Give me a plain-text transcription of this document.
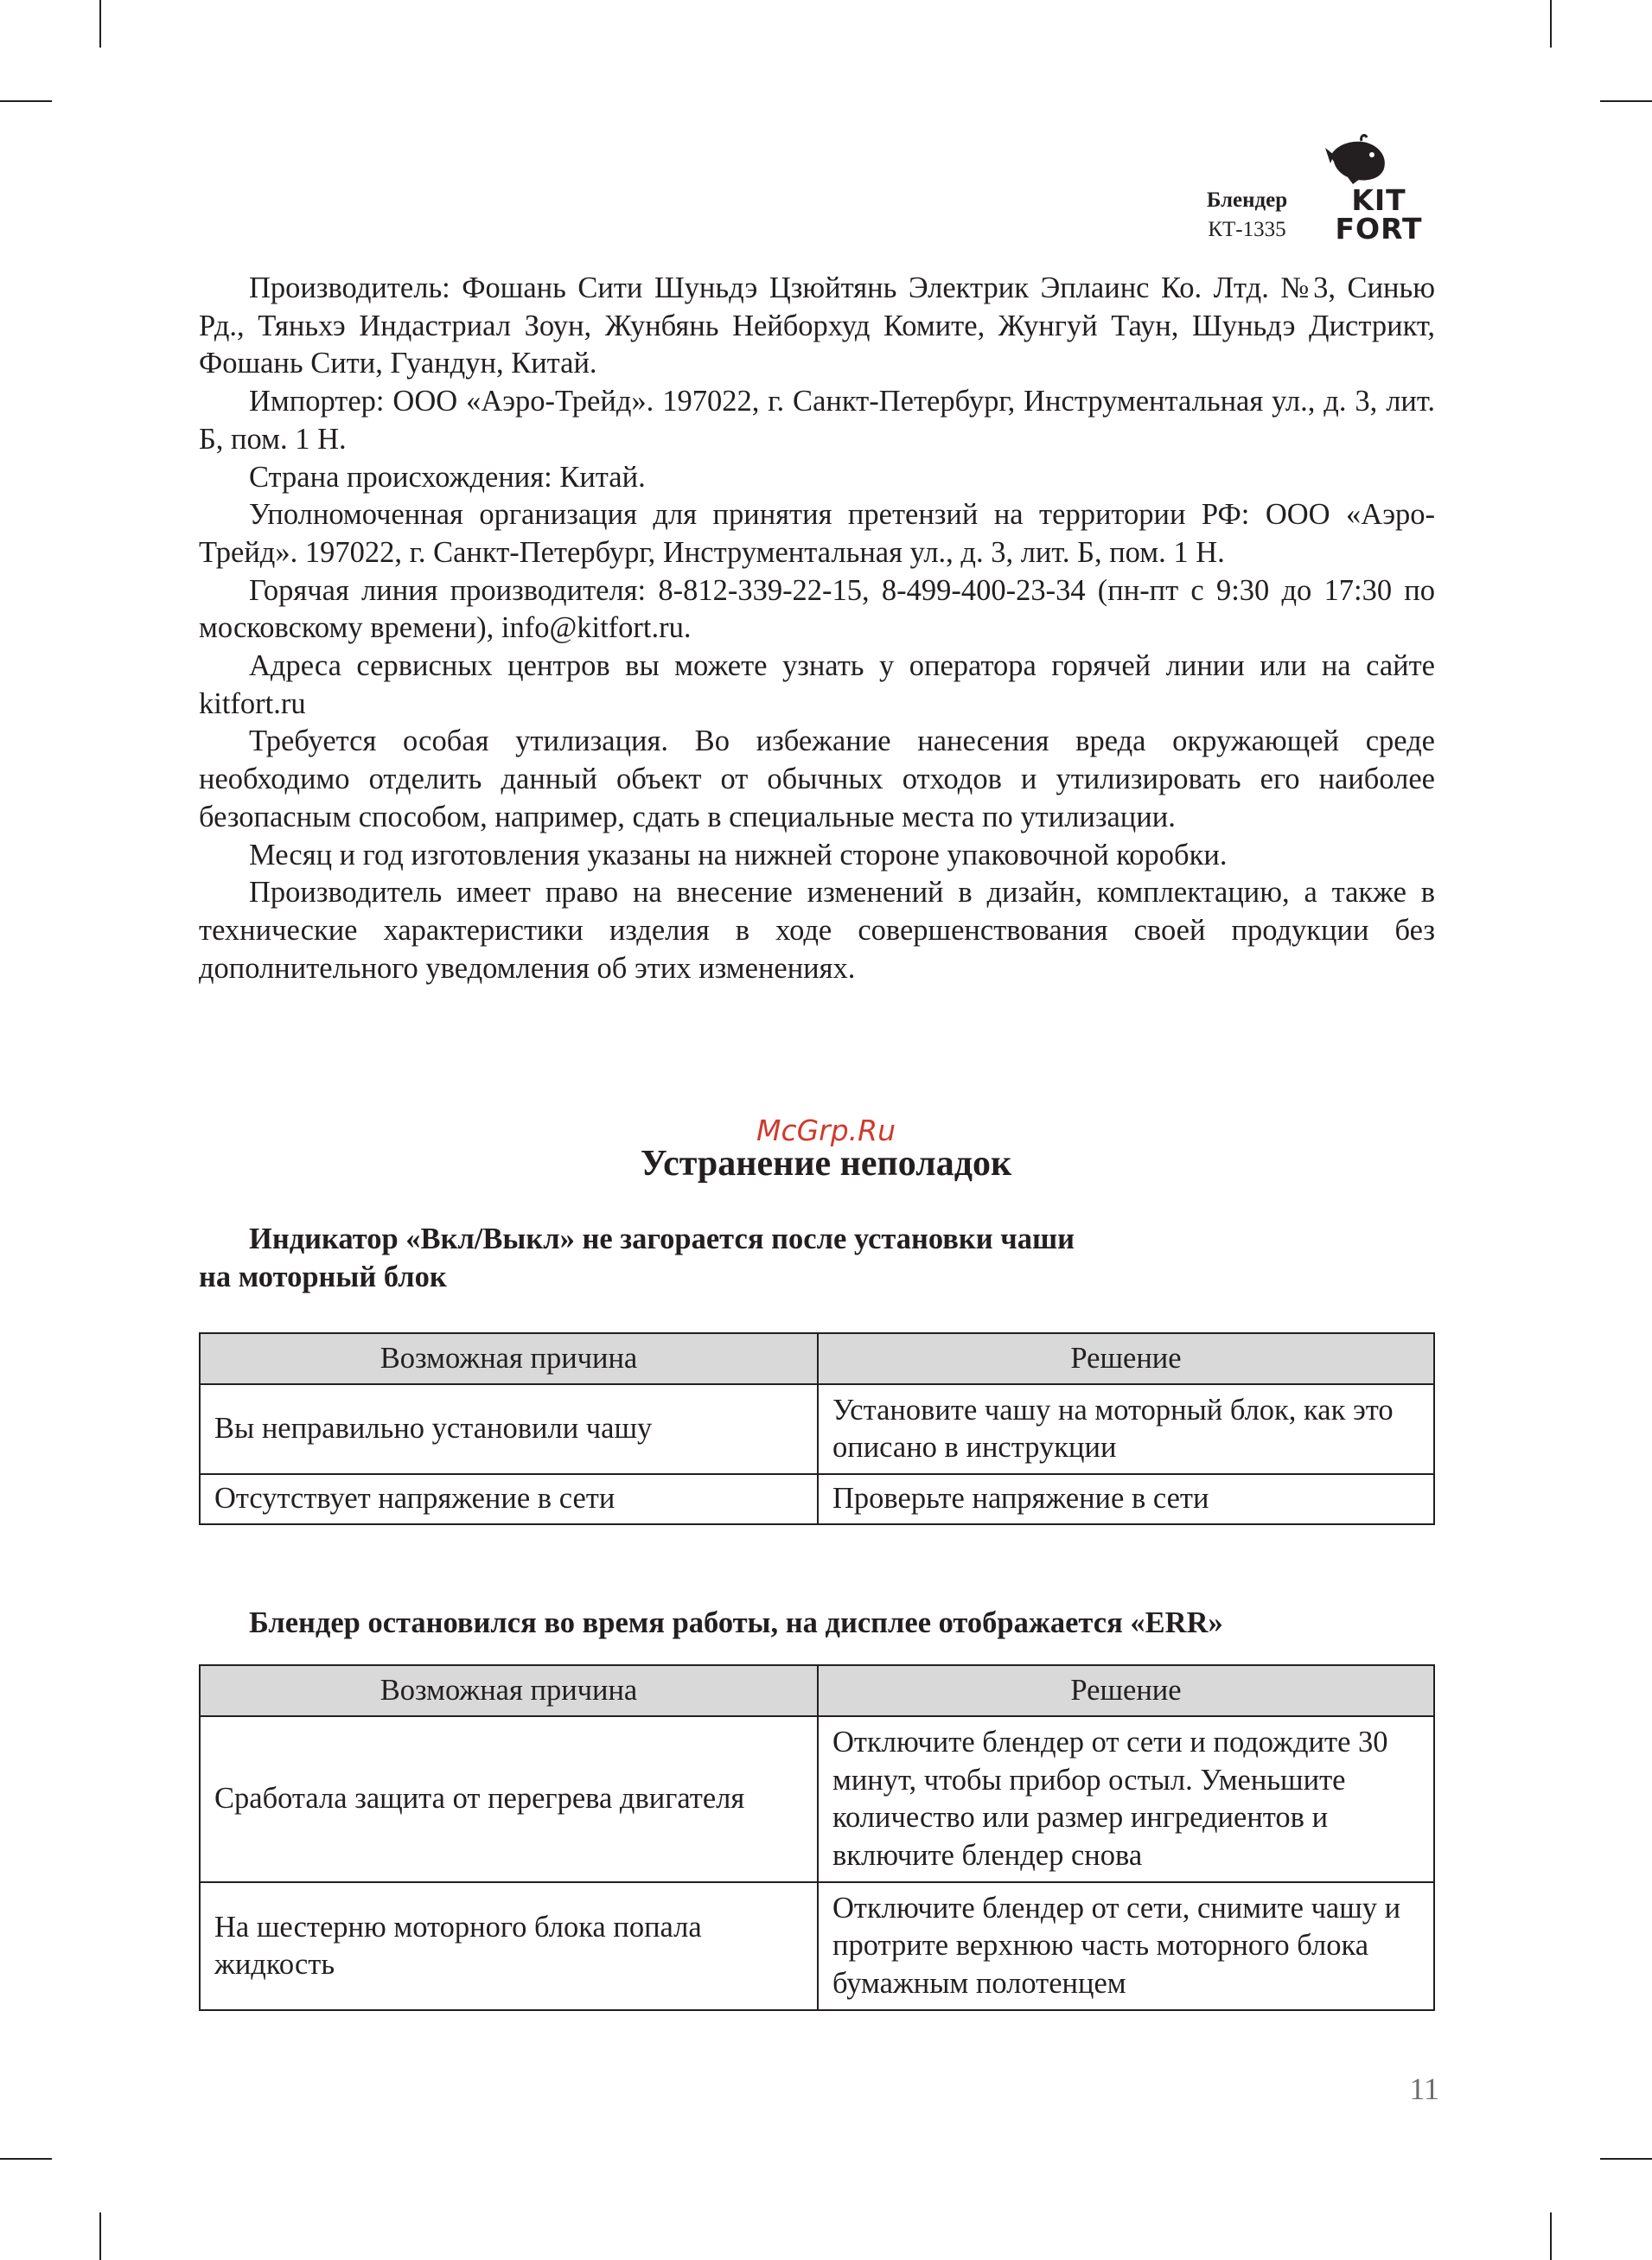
Блендер
КТ-1335
KIT
FORT

Производитель: Фошань Сити Шуньдэ Цзюйтянь Электрик Эплаинс Ко. Лтд. №3, Синью Рд., Тяньхэ Индастриал Зоун, Жунбянь Нейборхуд Комите, Жунгуй Таун, Шуньдэ Дистрикт, Фошань Сити, Гуандун, Китай.

Импортер: ООО «Аэро-Трейд». 197022, г. Санкт-Петербург, Инструментальная ул., д. 3, лит. Б, пом. 1 Н.

Страна происхождения: Китай.

Уполномоченная организация для принятия претензий на территории РФ: ООО «Аэро-Трейд». 197022, г. Санкт-Петербург, Инструментальная ул., д. 3, лит. Б, пом. 1 Н.

Горячая линия производителя: 8-812-339-22-15, 8-499-400-23-34 (пн-пт с 9:30 до 17:30 по московскому времени), info@kitfort.ru.

Адреса сервисных центров вы можете узнать у оператора горячей линии или на сайте kitfort.ru

Требуется особая утилизация. Во избежание нанесения вреда окружающей среде необходимо отделить данный объект от обычных отходов и утилизировать его наиболее безопасным способом, например, сдать в специальные места по утилизации.

Месяц и год изготовления указаны на нижней стороне упаковочной коробки.

Производитель имеет право на внесение изменений в дизайн, комплектацию, а также в технические характеристики изделия в ходе совершенствования своей продукции без дополнительного уведомления об этих изменениях.

McGrp.Ru
Устранение неполадок
Индикатор «Вкл/Выкл» не загорается после установки чаши
на моторный блок
Возможная причина	Решение
Вы неправильно установили чашу	Установите чашу на моторный блок, как это описано в инструкции
Отсутствует напряжение в сети	Проверьте напряжение в сети
Блендер остановился во время работы, на дисплее отображается «ERR»
Возможная причина	Решение
Сработала защита от перегрева двигателя	Отключите блендер от сети и подождите 30 минут, чтобы прибор остыл. Уменьшите количество или размер ингредиентов и включите блендер снова
На шестерню моторного блока попала жидкость	Отключите блендер от сети, снимите чашу и протрите верхнюю часть моторного блока бумажным полотенцем
11
